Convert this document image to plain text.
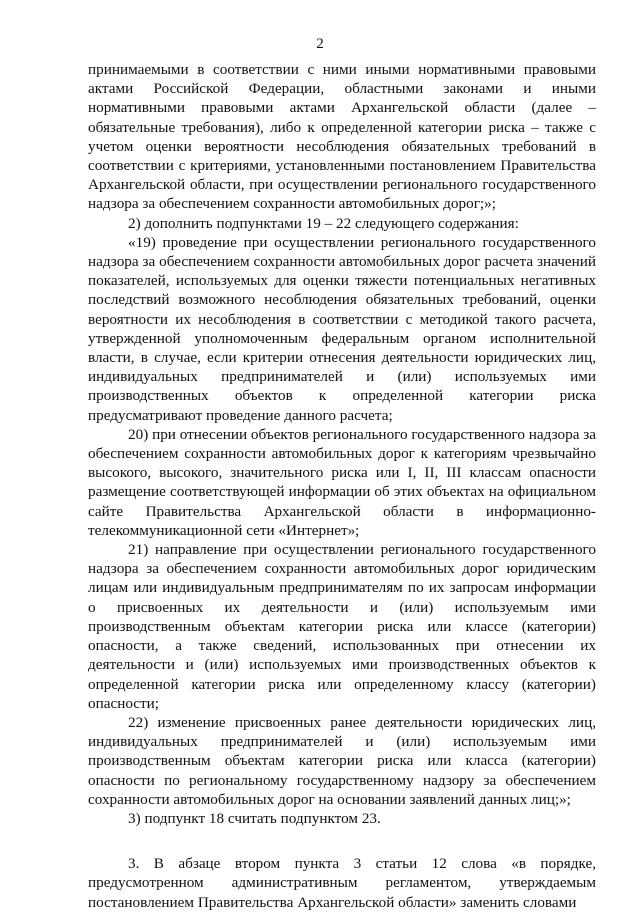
2

принимаемыми в соответствии с ними иными нормативными правовыми актами Российской Федерации, областными законами и иными нормативными правовыми актами Архангельской области (далее – обязательные требования), либо к определенной категории риска – также с учетом оценки вероятности несоблюдения обязательных требований в соответствии с критериями, установленными постановлением Правительства Архангельской области, при осуществлении регионального государственного надзора за обеспечением сохранности автомобильных дорог;»;

2) дополнить подпунктами 19 – 22 следующего содержания:

«19) проведение при осуществлении регионального государственного надзора за обеспечением сохранности автомобильных дорог расчета значений показателей, используемых для оценки тяжести потенциальных негативных последствий возможного несоблюдения обязательных требований, оценки вероятности их несоблюдения в соответствии с методикой такого расчета, утвержденной уполномоченным федеральным органом исполнительной власти, в случае, если критерии отнесения деятельности юридических лиц, индивидуальных предпринимателей и (или) используемых ими производственных объектов к определенной категории риска предусматривают проведение данного расчета;

20) при отнесении объектов регионального государственного надзора за обеспечением сохранности автомобильных дорог к категориям чрезвычайно высокого, высокого, значительного риска или I, II, III классам опасности размещение соответствующей информации об этих объектах на официальном сайте Правительства Архангельской области в информационно-телекоммуникационной сети «Интернет»;

21) направление при осуществлении регионального государственного надзора за обеспечением сохранности автомобильных дорог юридическим лицам или индивидуальным предпринимателям по их запросам информации о присвоенных их деятельности и (или) используемым ими производственным объектам категории риска или классе (категории) опасности, а также сведений, использованных при отнесении их деятельности и (или) используемых ими производственных объектов к определенной категории риска или определенному классу (категории) опасности;

22) изменение присвоенных ранее деятельности юридических лиц, индивидуальных предпринимателей и (или) используемым ими производственным объектам категории риска или класса (категории) опасности по региональному государственному надзору за обеспечением сохранности автомобильных дорог на основании заявлений данных лиц;»;

3) подпункт 18 считать подпунктом 23.

3. В абзаце втором пункта 3 статьи 12 слова «в порядке, предусмотренном административным регламентом, утверждаемым постановлением Правительства Архангельской области» заменить словами
